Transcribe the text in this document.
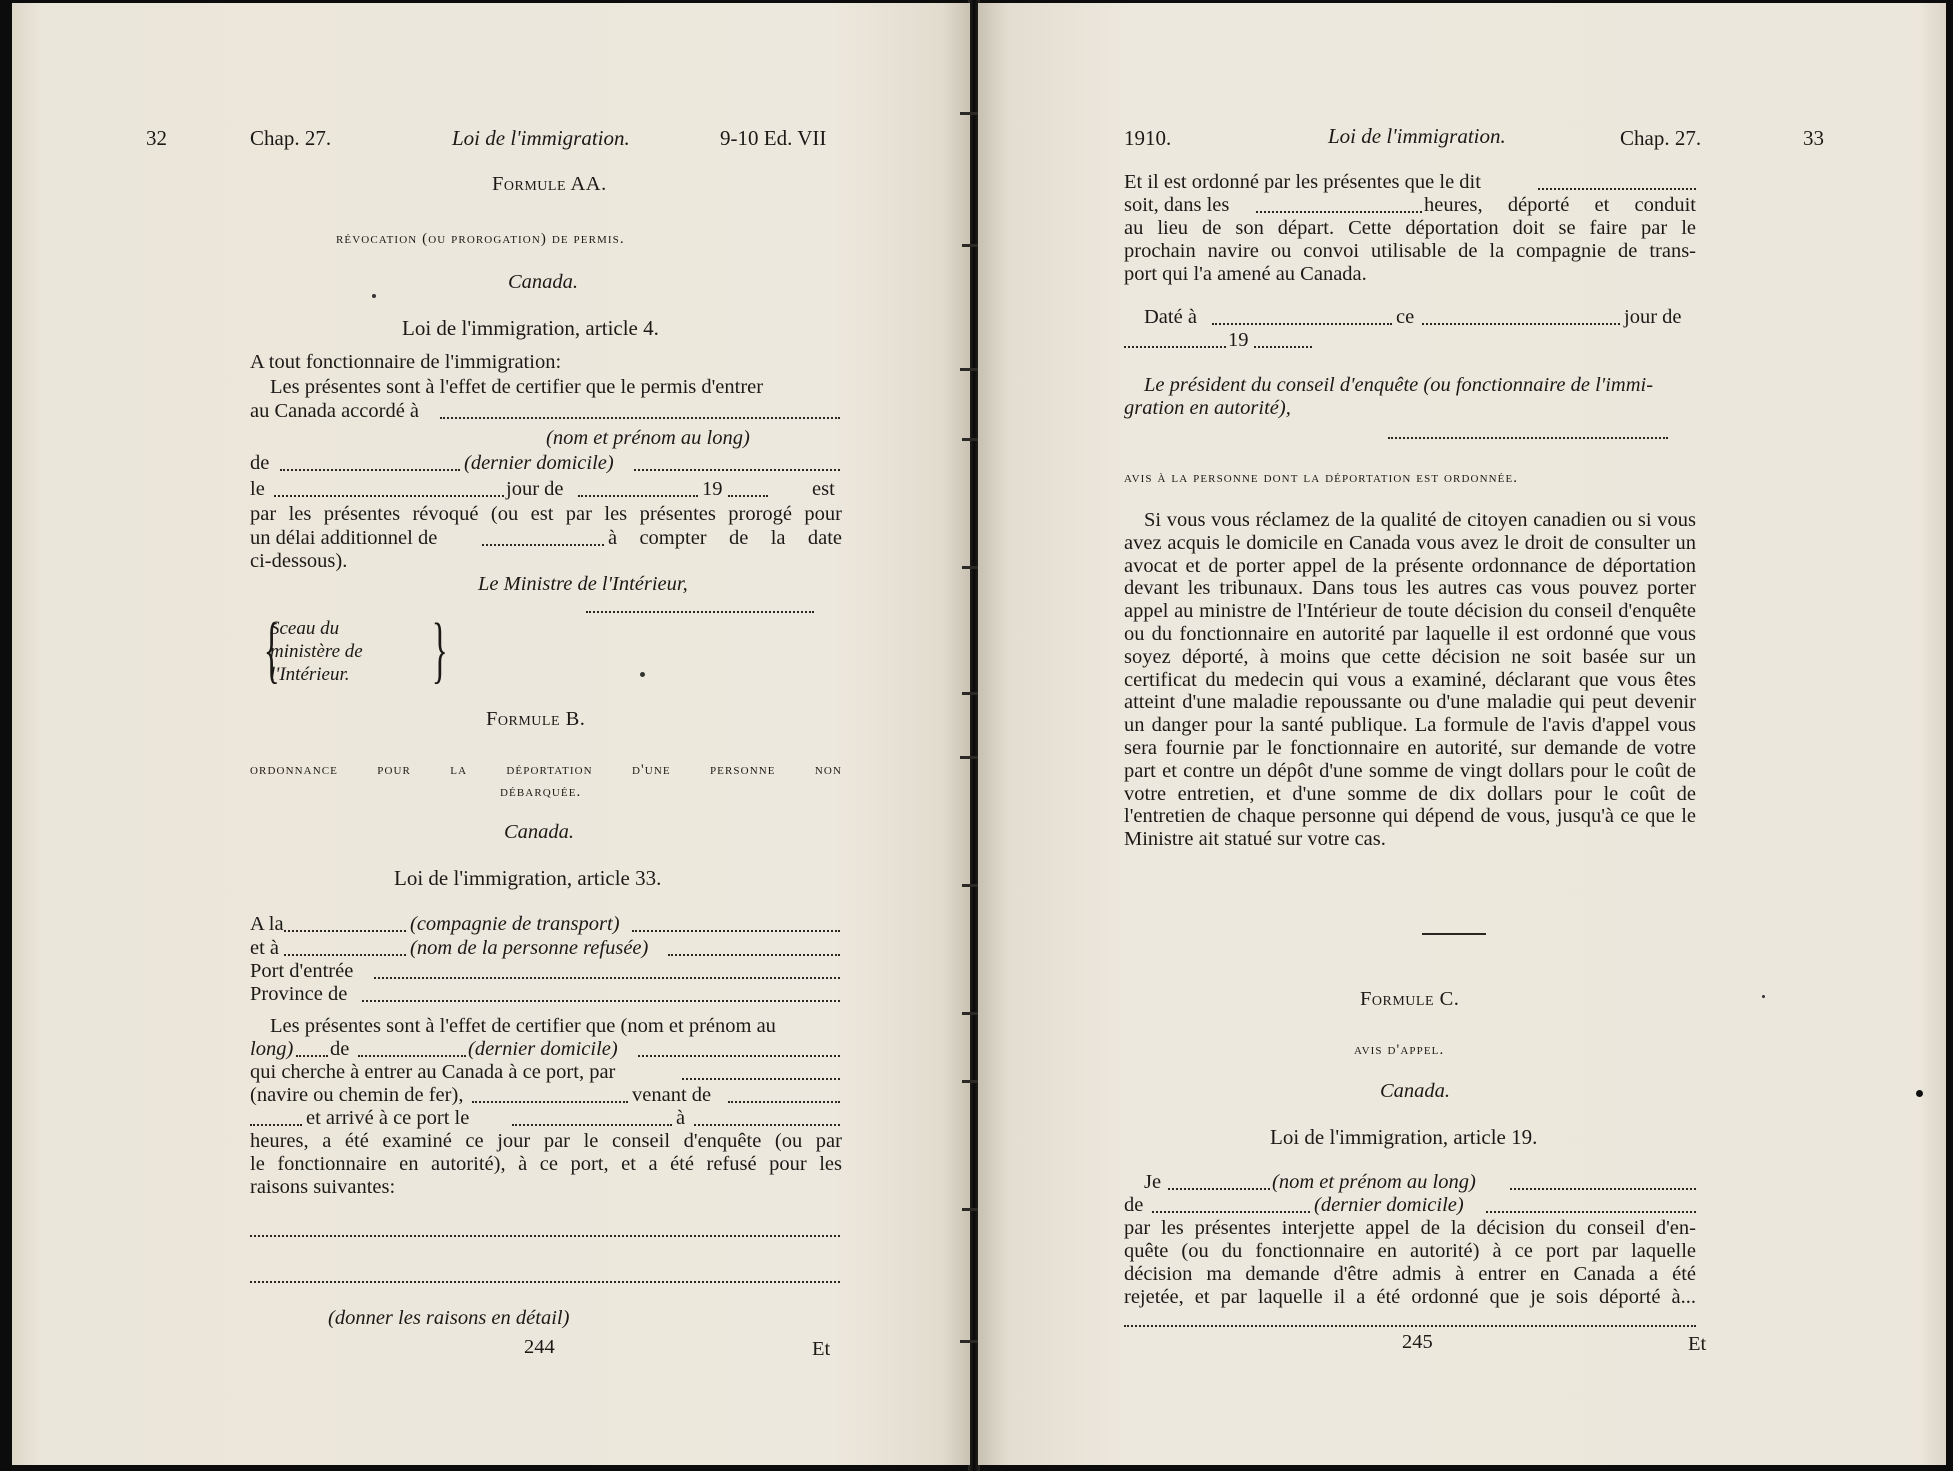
32	Chap. 27.	Loi de l'immigration.	9-10 Ed. VII
Formule AA.
révocation (ou prorogation) de permis.
Canada.
Loi de l'immigration, article 4.
A tout fonctionnaire de l'immigration:
Les présentes sont à l'effet de certifier que le permis d'entrer
au Canada accordé à
(nom et prénom au long)
de	(dernier domicile)
le	jour de	19	est
par les présentes révoqué (ou est par les présentes prorogé pour
un délai additionnel de	à compter de la date
ci-dessous).
Le Ministre de l'Intérieur,
{ }
Sceau du
ministère de
l'Intérieur.
Formule B.
ordonnance pour la déportation d'une personne non
débarquée.
Canada.
Loi de l'immigration, article 33.
A la	(compagnie de transport)
et à	(nom de la personne refusée)
Port d'entrée
Province de
Les présentes sont à l'effet de certifier que (nom et prénom au
long) de	(dernier domicile)
qui cherche à entrer au Canada à ce port, par
(navire ou chemin de fer),	venant de
et arrivé à ce port le	à
heures, a été examiné ce jour par le conseil d'enquête (ou par
le fonctionnaire en autorité), à ce port, et a été refusé pour les
raisons suivantes:
(donner les raisons en détail)
244	Et
1910.	Loi de l'immigration.	Chap. 27.	33
Et il est ordonné par les présentes que le dit
soit, dans les	heures, déporté et conduit
au lieu de son départ. Cette déportation doit se faire par le
prochain navire ou convoi utilisable de la compagnie de trans-
port qui l'a amené au Canada.
Daté à	ce	jour de
19
Le président du conseil d'enquête (ou fonctionnaire de l'immi-
gration en autorité),
avis à la personne dont la déportation est ordonnée.
Si vous vous réclamez de la qualité de citoyen canadien ou si vous avez acquis le domicile en Canada vous avez le droit de consulter un avocat et de porter appel de la présente ordonnance de déportation devant les tribunaux. Dans tous les autres cas vous pouvez porter appel au ministre de l'Intérieur de toute décision du conseil d'enquête ou du fonctionnaire en autorité par laquelle il est ordonné que vous soyez déporté, à moins que cette décision ne soit basée sur un certificat du medecin qui vous a examiné, déclarant que vous êtes atteint d'une maladie repoussante ou d'une maladie qui peut devenir un danger pour la santé publique. La formule de l'avis d'appel vous sera fournie par le fonctionnaire en autorité, sur demande de votre part et contre un dépôt d'une somme de vingt dollars pour le coût de votre entretien, et d'une somme de dix dollars pour le coût de l'entretien de chaque personne qui dépend de vous, jusqu'à ce que le Ministre ait statué sur votre cas.
Formule C.
avis d'appel.
Canada.
Loi de l'immigration, article 19.
Je	(nom et prénom au long)
de	(dernier domicile)
par les présentes interjette appel de la décision du conseil d'en-
quête (ou du fonctionnaire en autorité) à ce port par laquelle
décision ma demande d'être admis à entrer en Canada a été
rejetée, et par laquelle il a été ordonné que je sois déporté à...
245	Et
